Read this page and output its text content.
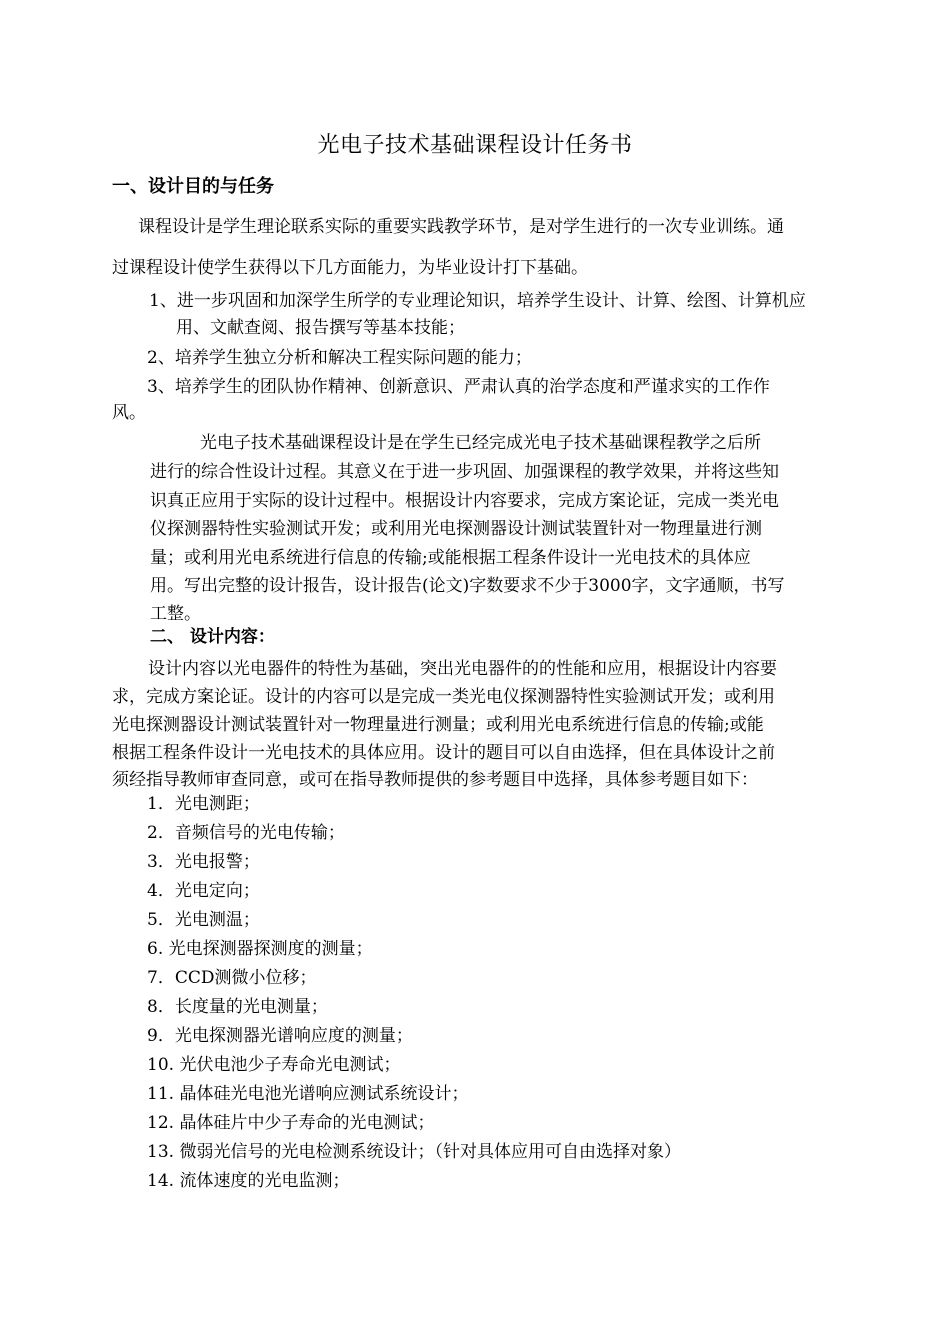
光电子技术基础课程设计任务书
一、设计目的与任务
课程设计是学生理论联系实际的重要实践教学环节，是对学生进行的一次专业训练。通
过课程设计使学生获得以下几方面能力，为毕业设计打下基础。
1、进一步巩固和加深学生所学的专业理论知识，培养学生设计、计算、绘图、计算机应
用、文献查阅、报告撰写等基本技能；
2、培养学生独立分析和解决工程实际问题的能力；
3、培养学生的团队协作精神、创新意识、严肃认真的治学态度和严谨求实的工作作
风。
光电子技术基础课程设计是在学生已经完成光电子技术基础课程教学之后所
进行的综合性设计过程。其意义在于进一步巩固、加强课程的教学效果，并将这些知
识真正应用于实际的设计过程中。根据设计内容要求，完成方案论证，完成一类光电
仪探测器特性实验测试开发；或利用光电探测器设计测试装置针对一物理量进行测
量；或利用光电系统进行信息的传输;或能根据工程条件设计一光电技术的具体应
用。写出完整的设计报告，设计报告(论文)字数要求不少于3000字，文字通顺，书写
工整。
二、 设计内容：
设计内容以光电器件的特性为基础，突出光电器件的的性能和应用，根据设计内容要
求，完成方案论证。设计的内容可以是完成一类光电仪探测器特性实验测试开发；或利用
光电探测器设计测试装置针对一物理量进行测量；或利用光电系统进行信息的传输;或能
根据工程条件设计一光电技术的具体应用。设计的题目可以自由选择，但在具体设计之前
须经指导教师审查同意，或可在指导教师提供的参考题目中选择，具体参考题目如下：
1．光电测距；
2．音频信号的光电传输；
3．光电报警；
4．光电定向；
5．光电测温；
6. 光电探测器探测度的测量；
7．CCD测微小位移；
8．长度量的光电测量；
9．光电探测器光谱响应度的测量；
10. 光伏电池少子寿命光电测试；
11. 晶体硅光电池光谱响应测试系统设计；
12. 晶体硅片中少子寿命的光电测试；
13. 微弱光信号的光电检测系统设计；（针对具体应用可自由选择对象）
14. 流体速度的光电监测；
